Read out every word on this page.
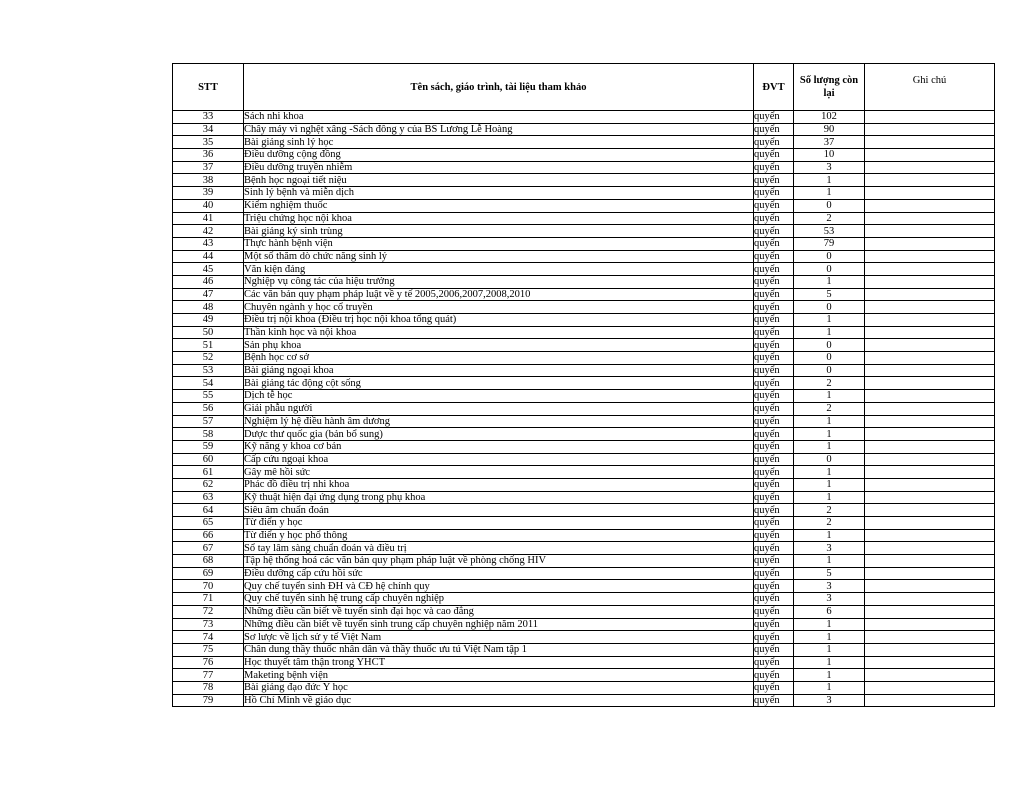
STT	Tên sách, giáo trình, tài liệu tham khảo	ĐVT	Số lượng còn lại	Ghi chú
33	Sách nhi khoa	quyển	102	
34	Chây máy vì nghệt xâng -Sách đông y của BS Lương Lễ Hoàng	quyển	90	
35	Bài giảng sinh lý học	quyển	37	
36	Điều dưỡng cộng đồng	quyển	10	
37	Điều dưỡng truyền nhiễm	quyển	3	
38	Bệnh học ngoại tiết niệu	quyển	1	
39	Sinh lý bệnh và miễn dịch	quyển	1	
40	Kiểm nghiệm thuốc	quyển	0	
41	Triệu chứng học nội khoa	quyển	2	
42	Bài giảng ký sinh trùng	quyển	53	
43	Thực hành bệnh viện	quyển	79	
44	Một số thăm dò chức năng sinh lý	quyển	0	
45	Văn kiện đảng	quyển	0	
46	Nghiệp vụ công tác của hiệu trưởng	quyển	1	
47	Các văn bản quy phạm pháp luật về y tế 2005,2006,2007,2008,2010	quyển	5	
48	Chuyên ngành y học cổ truyền	quyển	0	
49	Điều trị nội khoa (Điều trị học nội khoa tổng quát)	quyển	1	
50	Thần kinh học và nội khoa	quyển	1	
51	Sản phụ khoa	quyển	0	
52	Bệnh học cơ sở	quyển	0	
53	Bài giảng ngoại khoa	quyển	0	
54	Bài giảng tác động cột sống	quyển	2	
55	Dịch tễ học	quyển	1	
56	Giải phẫu người	quyển	2	
57	Nghiệm lý hệ điều hành âm dương	quyển	1	
58	Dược thư quốc gia (bản bổ sung)	quyển	1	
59	Kỹ năng y khoa cơ bản	quyển	1	
60	Cấp cứu ngoại khoa	quyển	0	
61	Gây mê hồi sức	quyển	1	
62	Phác đồ điều trị nhi khoa	quyển	1	
63	Kỹ thuật hiện đại ứng dụng trong phụ khoa	quyển	1	
64	Siêu âm chuẩn đoán	quyển	2	
65	Từ điển y học	quyển	2	
66	Từ điển y học phổ thông	quyển	1	
67	Sổ tay lâm sàng chuẩn đoán và điều trị	quyển	3	
68	Tập hệ thống hoá các văn bản quy phạm pháp luật về phòng chống HIV	quyển	1	
69	Điều dưỡng cấp cứu hồi sức	quyển	5	
70	Quy chế tuyển sinh ĐH và CĐ hệ chính quy	quyển	3	
71	Quy chế tuyển sinh hệ trung cấp chuyên nghiệp	quyển	3	
72	Những điều cần biết về tuyển sinh đại học và cao đẳng	quyển	6	
73	Những điều cần biết về tuyển sinh trung cấp chuyên nghiệp năm 2011	quyển	1	
74	Sơ lược về lịch sử y tế Việt Nam	quyển	1	
75	Chân dung thầy thuốc nhân dân và thầy thuốc ưu tú Việt Nam tập 1	quyển	1	
76	Học thuyết tâm thận trong YHCT	quyển	1	
77	Maketing bệnh viện	quyển	1	
78	Bài giảng đạo đức Y học	quyển	1	
79	Hồ Chí Minh về giáo dục	quyển	3	
